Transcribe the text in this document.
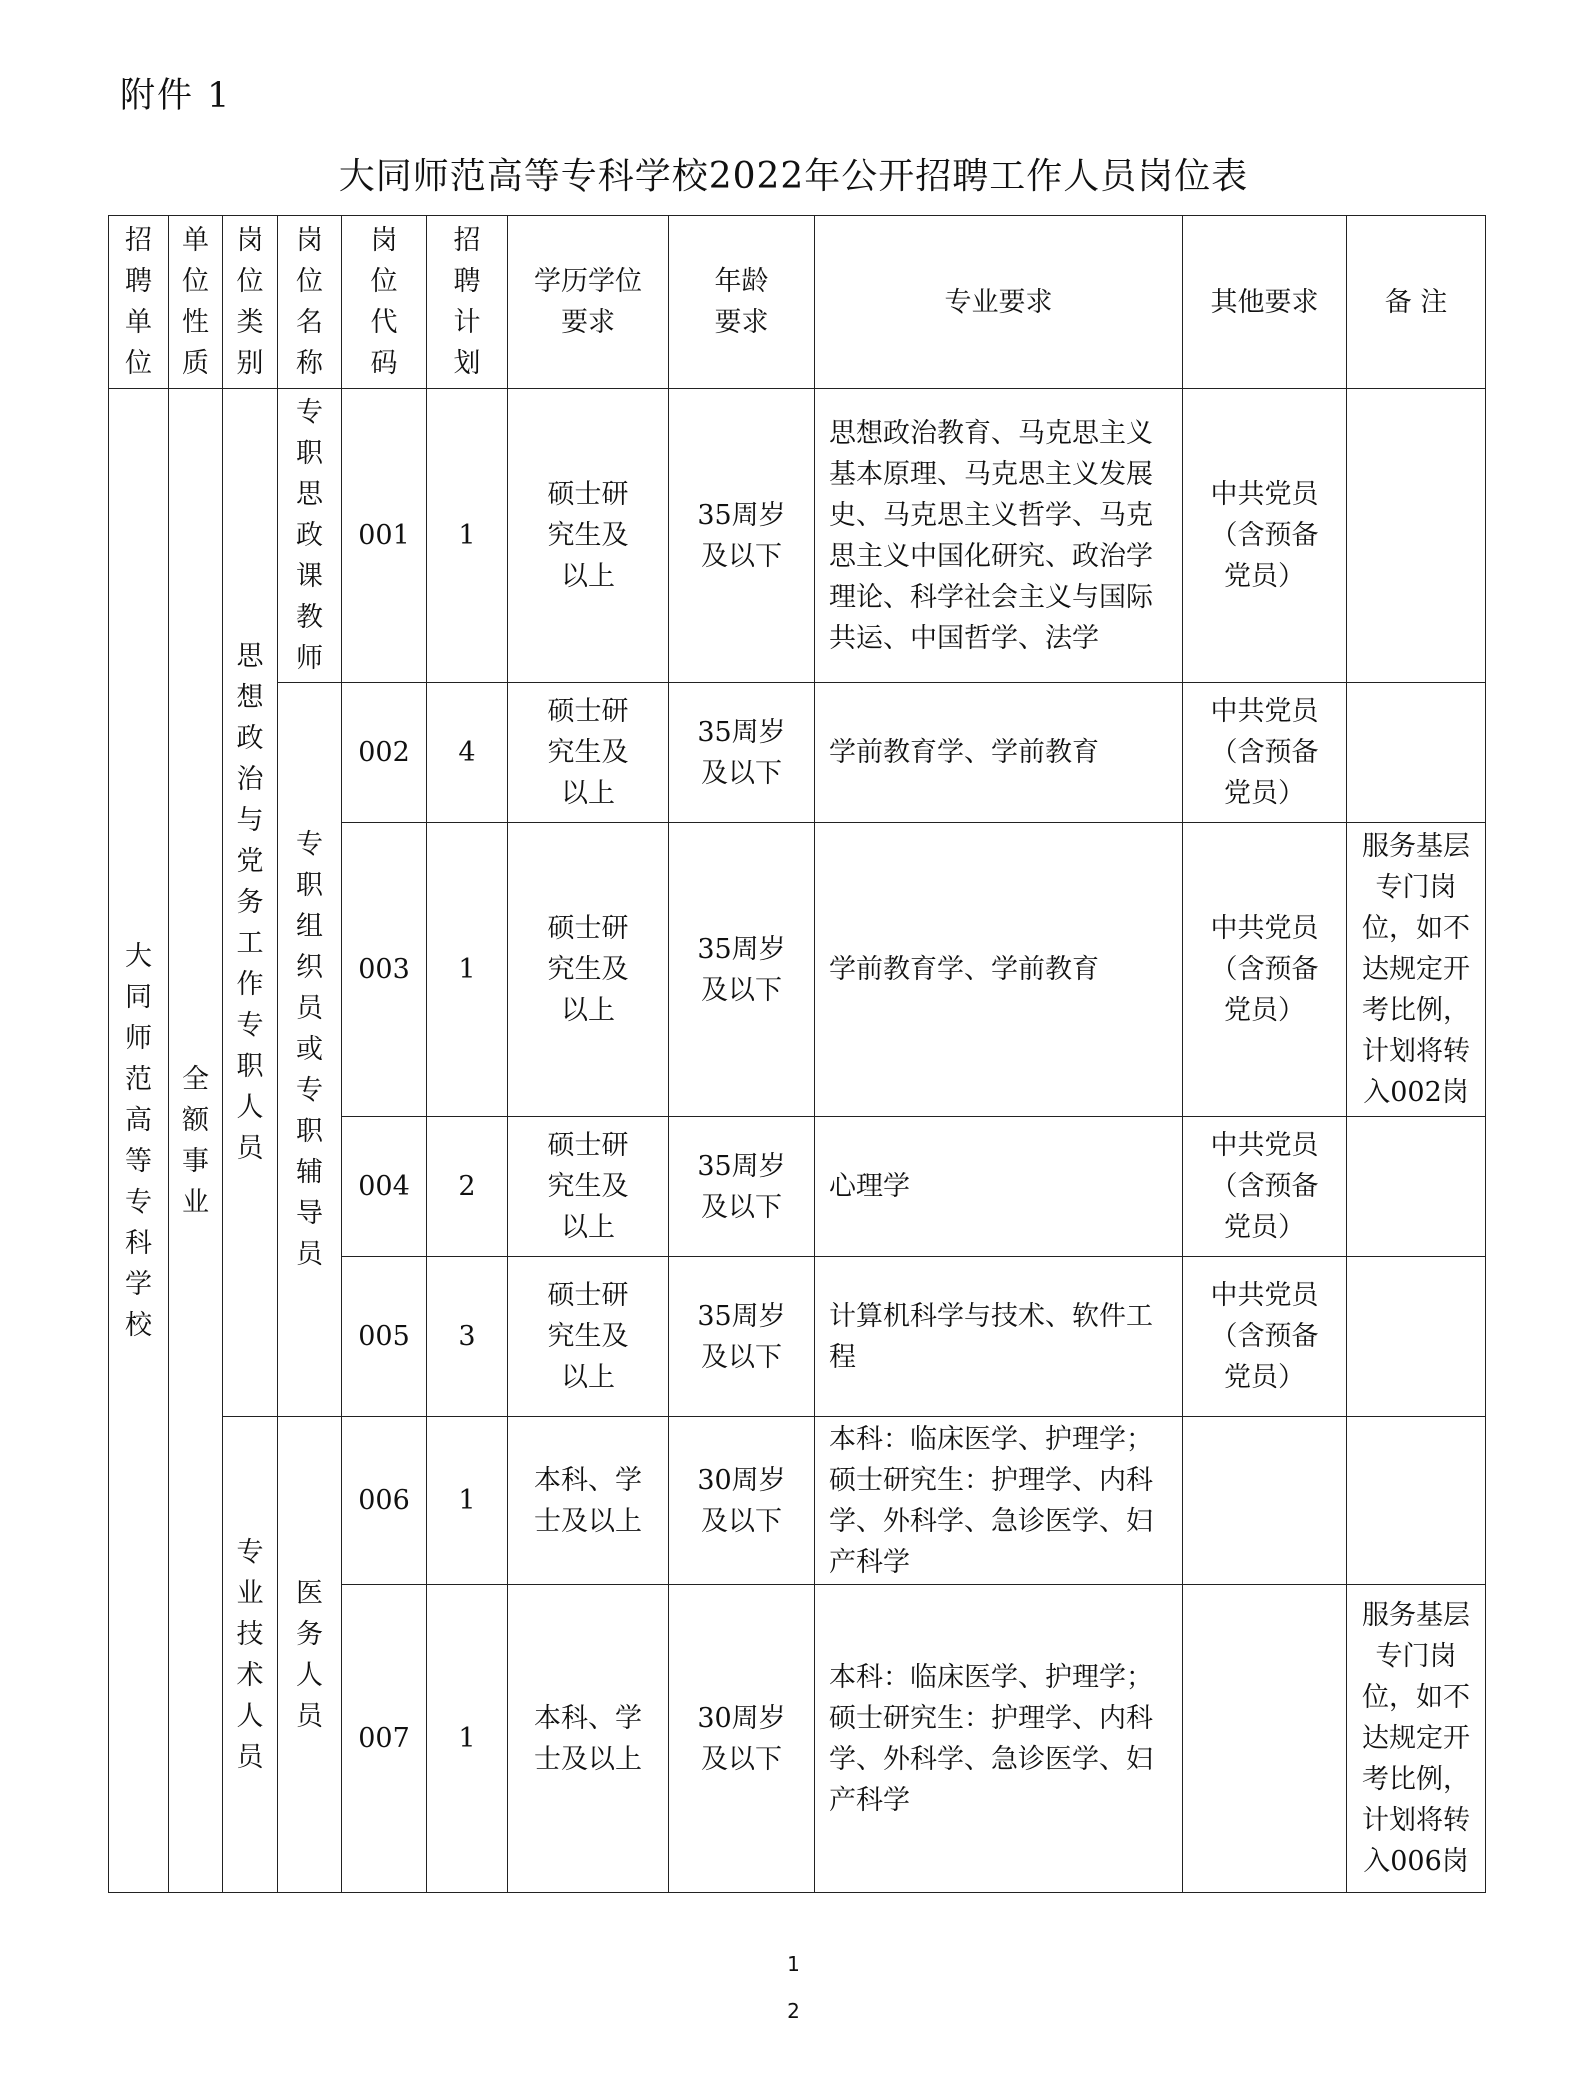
附件 1
大同师范高等专科学校2022年公开招聘工作人员岗位表
招聘单位	单位性质	岗位类别	岗位名称	岗位代码	招聘计划	学历学位要求	年龄要求	专业要求	其他要求	备 注

大同师范高等专科学校	全额事业	思想政治与党务工作专职人员	专职思政课教师	001	1	硕士研究生及以上	35周岁及以下	思想政治教育、马克思主义基本原理、马克思主义发展史、马克思主义哲学、马克思主义中国化研究、政治学理论、科学社会主义与国际共运、中国哲学、法学	中共党员（含预备党员）	

			专职组织员或专职辅导员	002	4	硕士研究生及以上	35周岁及以下	学前教育学、学前教育	中共党员（含预备党员）	

				003	1	硕士研究生及以上	35周岁及以下	学前教育学、学前教育	中共党员（含预备党员）	服务基层专门岗位，如不达规定开考比例，计划将转入002岗

				004	2	硕士研究生及以上	35周岁及以下	心理学	中共党员（含预备党员）	

				005	3	硕士研究生及以上	35周岁及以下	计算机科学与技术、软件工程	中共党员（含预备党员）	

		专业技术人员	医务人员	006	1	本科、学士及以上	30周岁及以下	本科：临床医学、护理学；硕士研究生：护理学、内科学、外科学、急诊医学、妇产科学		

				007	1	本科、学士及以上	30周岁及以下	本科：临床医学、护理学；硕士研究生：护理学、内科学、外科学、急诊医学、妇产科学		服务基层专门岗位，如不达规定开考比例，计划将转入006岗
1
2
